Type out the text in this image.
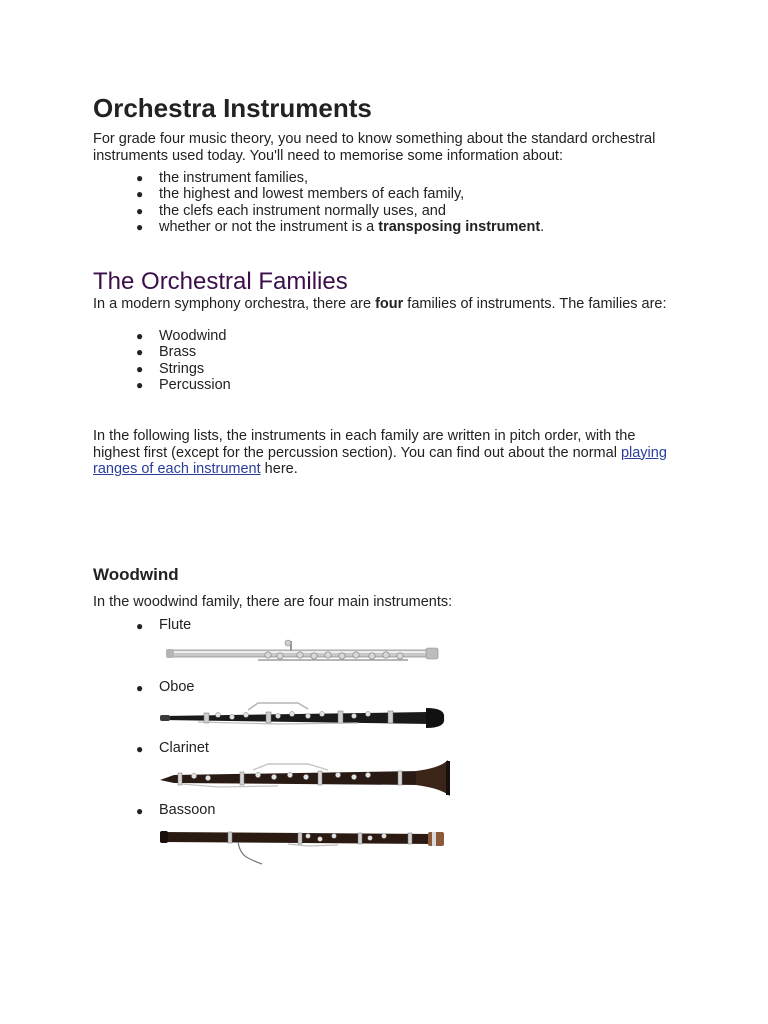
Orchestra Instruments

For grade four music theory, you need to know something about the standard orchestral instruments used today. You'll need to memorise some information about:

● the instrument families,
● the highest and lowest members of each family,
● the clefs each instrument normally uses, and
● whether or not the instrument is a transposing instrument.
The Orchestral Families

In a modern symphony orchestra, there are four families of instruments. The families are:

● Woodwind
● Brass
● Strings
● Percussion

In the following lists, the instruments in each family are written in pitch order, with the highest first (except for the percussion section). You can find out about the normal playing ranges of each instrument here.

Woodwind

In the woodwind family, there are four main instruments:

● Flute
● Oboe
● Clarinet
● Bassoon
